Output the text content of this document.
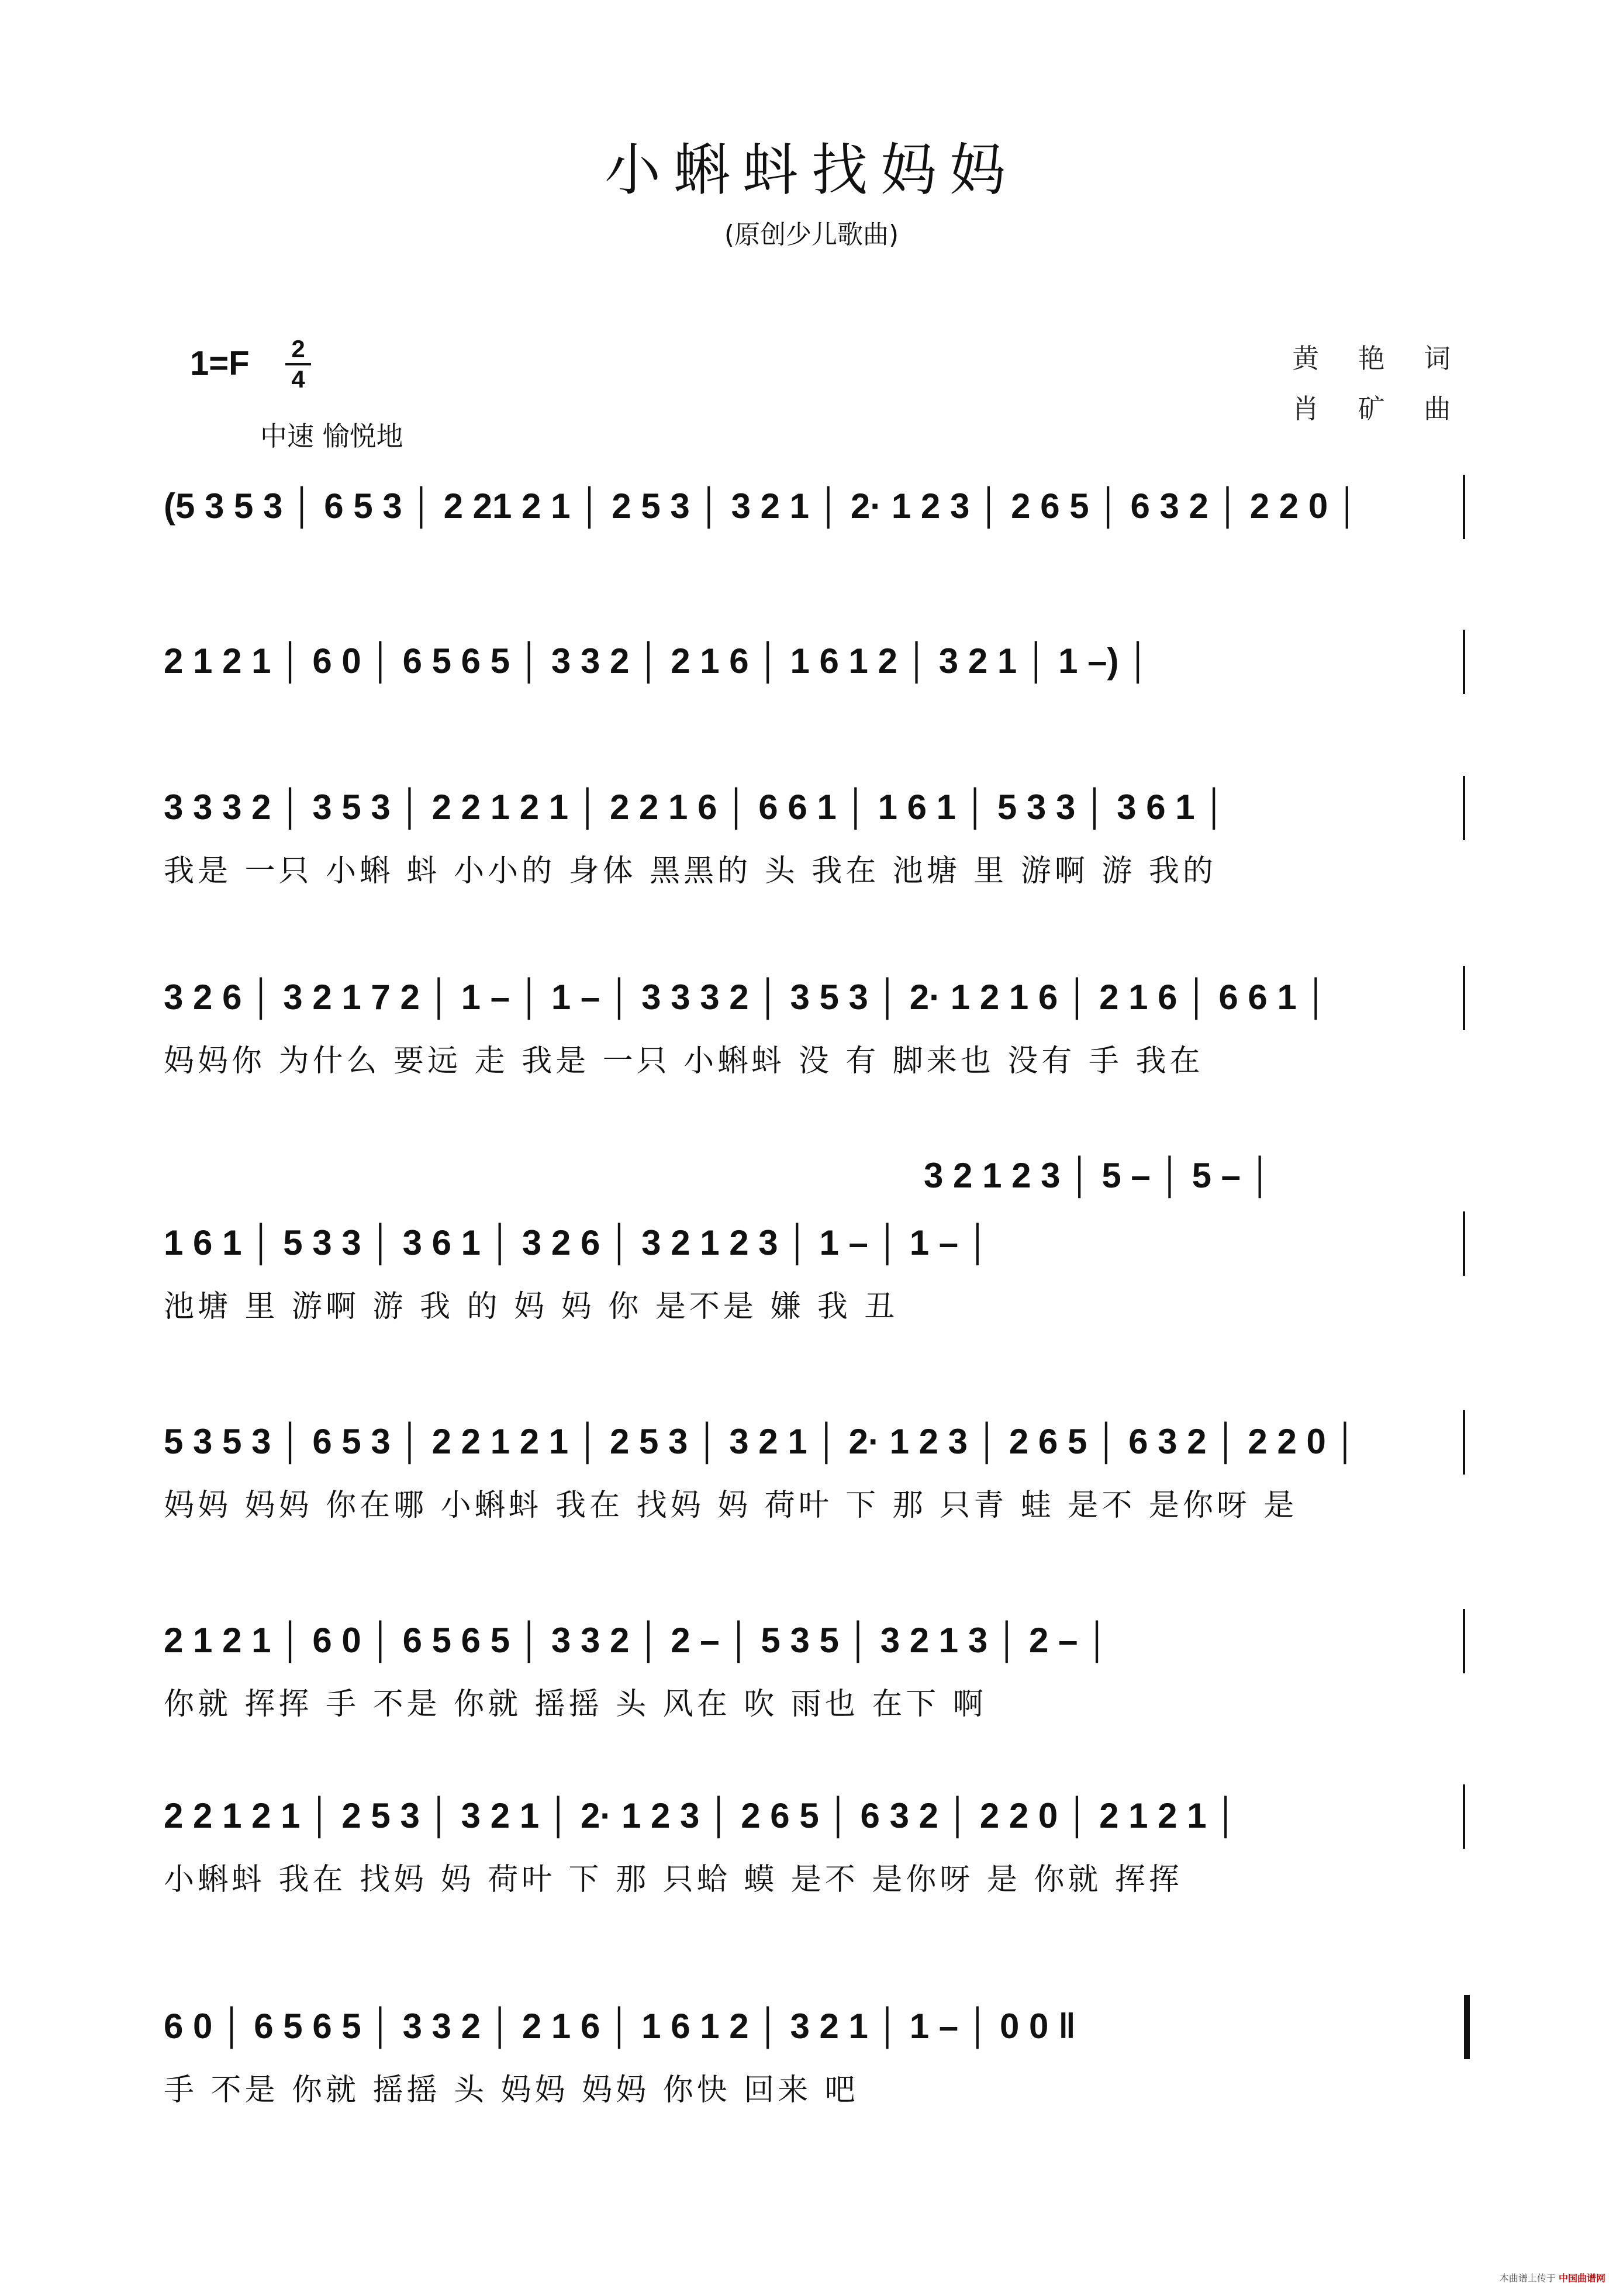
小蝌蚪找妈妈
(原创少儿歌曲)
1=F 2
4
中速 愉悦地
黄 艳 词
肖 矿 曲
(5 3 5 3 │ 6 5 3 │ 2 21 2 1 │ 2 5 3 │ 3 2 1 │ 2· 1 2 3 │ 2 6 5 │ 6 3 2 │ 2 2 0 │
2 1 2 1 │ 6 0 │ 6 5 6 5 │ 3 3 2 │ 2 1 6 │ 1 6 1 2 │ 3 2 1 │ 1 –) │
3 3 3 2 │ 3 5 3 │ 2 2 1 2 1 │ 2 2 1 6 │ 6 6 1 │ 1 6 1 │ 5 3 3 │ 3 6 1 │
我是 一只 小蝌 蚪 小小的 身体 黑黑的 头 我在 池塘 里 游啊 游 我的
3 2 6 │ 3 2 1 7 2 │ 1 – │ 1 – │ 3 3 3 2 │ 3 5 3 │ 2· 1 2 1 6 │ 2 1 6 │ 6 6 1 │
妈妈你 为什么 要远 走 我是 一只 小蝌蚪 没 有 脚来也 没有 手 我在
3 2 1 2 3 │ 5 – │ 5 – │
1 6 1 │ 5 3 3 │ 3 6 1 │ 3 2 6 │ 3 2 1 2 3 │ 1 – │ 1 – │
池塘 里 游啊 游 我 的 妈 妈 你 是不是 嫌 我 丑
5 3 5 3 │ 6 5 3 │ 2 2 1 2 1 │ 2 5 3 │ 3 2 1 │ 2· 1 2 3 │ 2 6 5 │ 6 3 2 │ 2 2 0 │
妈妈 妈妈 你在哪 小蝌蚪 我在 找妈 妈 荷叶 下 那 只青 蛙 是不 是你呀 是
2 1 2 1 │ 6 0 │ 6 5 6 5 │ 3 3 2 │ 2 – │ 5 3 5 │ 3 2 1 3 │ 2 – │
你就 挥挥 手 不是 你就 摇摇 头 风在 吹 雨也 在下 啊
2 2 1 2 1 │ 2 5 3 │ 3 2 1 │ 2· 1 2 3 │ 2 6 5 │ 6 3 2 │ 2 2 0 │ 2 1 2 1 │
小蝌蚪 我在 找妈 妈 荷叶 下 那 只蛤 蟆 是不 是你呀 是 你就 挥挥
6 0 │ 6 5 6 5 │ 3 3 2 │ 2 1 6 │ 1 6 1 2 │ 3 2 1 │ 1 – │ 0 0 ‖
手 不是 你就 摇摇 头 妈妈 妈妈 你快 回来 吧
本曲谱上传于 中国曲谱网
